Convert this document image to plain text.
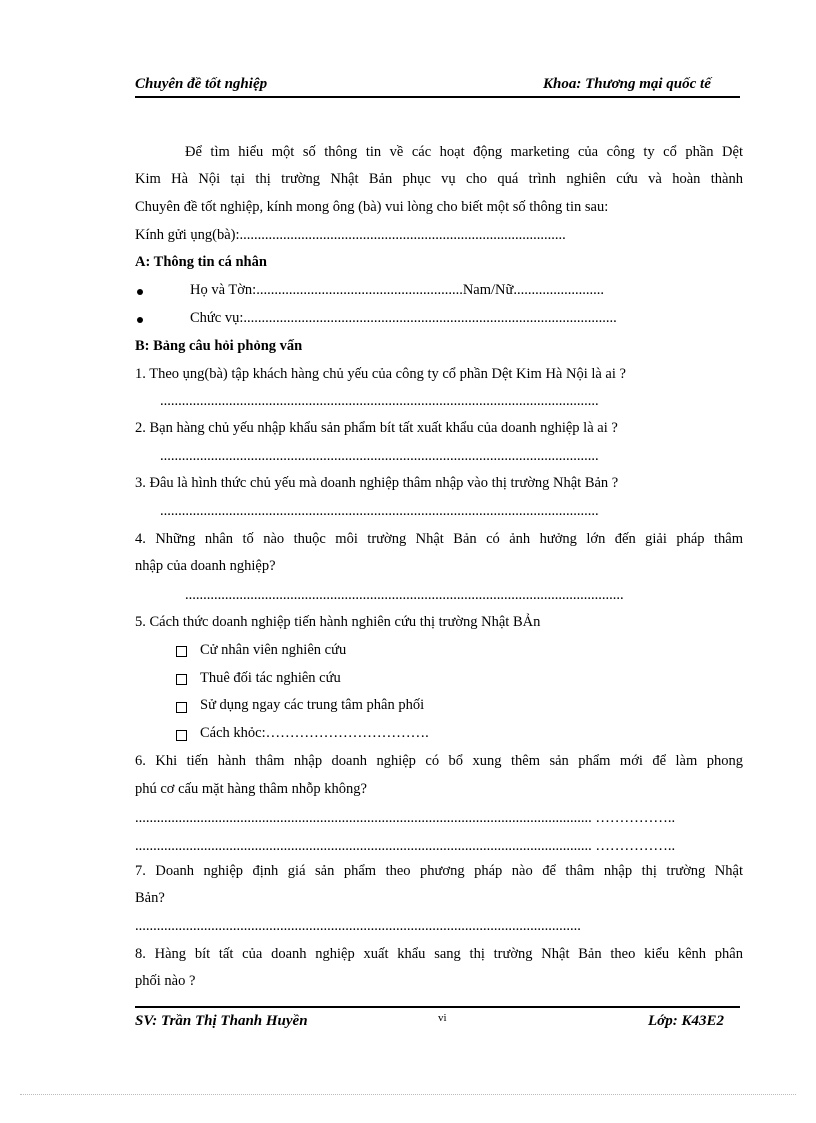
Chuyên đề tốt nghiệp	Khoa: Thương mại quốc tế
Để tìm hiểu một số thông tin về các hoạt động marketing của công ty cổ phần Dệt
Kim Hà Nội tại thị trường Nhật Bản phục vụ cho quá trình nghiên cứu và hoàn thành
Chuyên đề tốt nghiệp, kính mong ông (bà) vui lòng cho biết một số thông tin sau:
Kính gửi ụng(bà):..........................................................................................
A: Thông tin cá nhân
Họ và Tờn:.........................................................Nam/Nữ.........................
Chức vụ:.......................................................................................................
B: Bảng câu hỏi phỏng vấn
1. Theo ụng(bà) tập khách hàng chủ yếu của công ty cổ phần Dệt Kim Hà Nội là ai ?
.........................................................................................................................
2. Bạn hàng chủ yếu nhập khẩu sản phẩm bít tất xuất khẩu của doanh nghiệp là ai ?
.........................................................................................................................
3. Đâu là hình thức chủ yếu mà doanh nghiệp thâm nhập vào thị trường Nhật Bản ?
.........................................................................................................................
4. Những nhân tố nào thuộc môi trường Nhật Bản có ảnh hưởng lớn đến giải pháp thâm
nhập của doanh nghiệp?
.........................................................................................................................
5. Cách thức doanh nghiệp tiến hành nghiên cứu thị trường Nhật BẢn
Cử nhân viên nghiên cứu
Thuê đối tác nghiên cứu
Sử dụng ngay các trung tâm phân phối
Cách khỏc:…………………………….
6. Khi tiến hành thâm nhập doanh nghiệp có bổ xung thêm sản phẩm mới để làm phong
phú cơ cấu mặt hàng thâm nhỗp không?
.............................................................................................................................. ……………..
.............................................................................................................................. ……………..
7. Doanh nghiệp định giá sản phẩm theo phương pháp nào để thâm nhập thị trường Nhật
Bản?
...........................................................................................................................
8. Hàng bít tất của doanh nghiệp xuất khẩu sang thị trường Nhật Bản theo kiểu kênh phân
phối nào ?
SV: Trần Thị Thanh Huyền	vi	Lớp: K43E2
